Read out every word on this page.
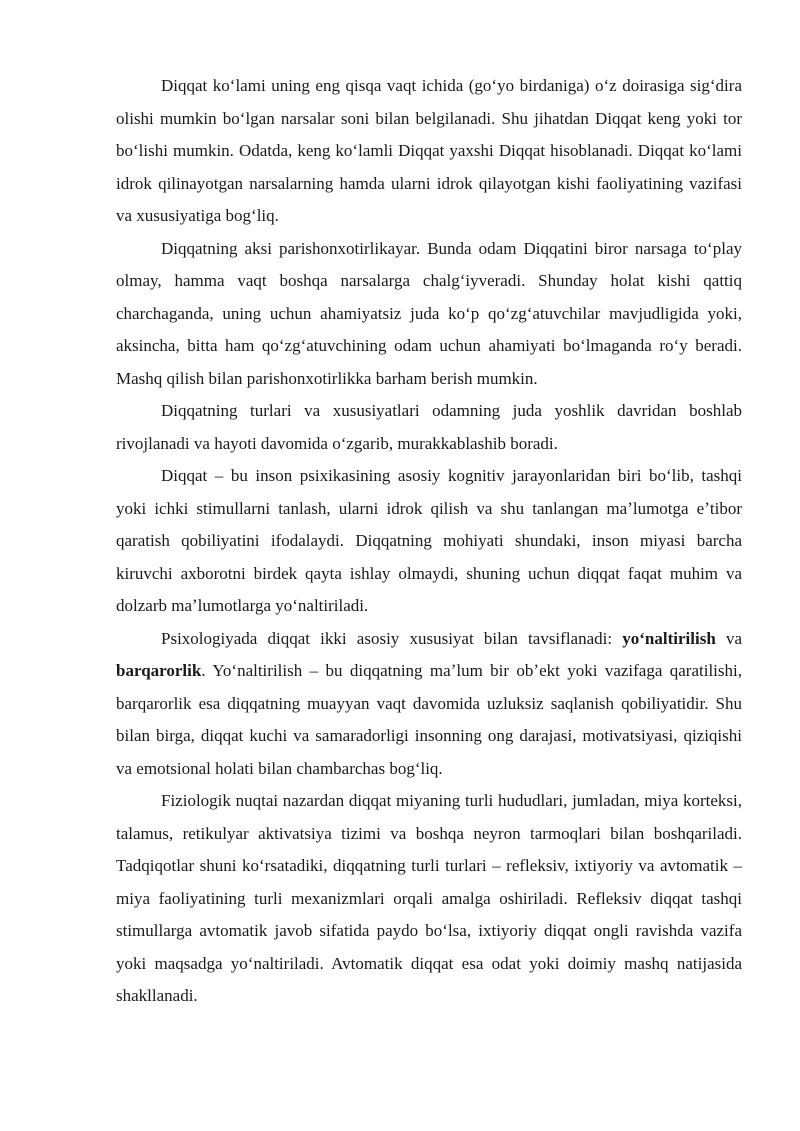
Diqqat koʻlami uning eng qisqa vaqt ichida (goʻyo birdaniga) oʻz doirasiga sigʻdira olishi mumkin boʻlgan narsalar soni bilan belgilanadi. Shu jihatdan Diqqat keng yoki tor boʻlishi mumkin. Odatda, keng koʻlamli Diqqat yaxshi Diqqat hisoblanadi. Diqqat koʻlami idrok qilinayotgan narsalarning hamda ularni idrok qilayotgan kishi faoliyatining vazifasi va xususiyatiga bogʻliq.

Diqqatning aksi parishonxotirlikayar. Bunda odam Diqqatini biror narsaga toʻplay olmay, hamma vaqt boshqa narsalarga chalgʻiyveradi. Shunday holat kishi qattiq charchaganda, uning uchun ahamiyatsiz juda koʻp qoʻzgʻatuvchilar mavjudligida yoki, aksincha, bitta ham qoʻzgʻatuvchining odam uchun ahamiyati boʻlmaganda roʻy beradi. Mashq qilish bilan parishonxotirlikka barham berish mumkin.

Diqqatning turlari va xususiyatlari odamning juda yoshlik davridan boshlab rivojlanadi va hayoti davomida oʻzgarib, murakkablashib boradi.

Diqqat – bu inson psixikasining asosiy kognitiv jarayonlaridan biri boʻlib, tashqi yoki ichki stimullarni tanlash, ularni idrok qilish va shu tanlangan maʼlumotga eʼtibor qaratish qobiliyatini ifodalaydi. Diqqatning mohiyati shundaki, inson miyasi barcha kiruvchi axborotni birdek qayta ishlay olmaydi, shuning uchun diqqat faqat muhim va dolzarb maʼlumotlarga yoʻnaltiriladi.

Psixologiyada diqqat ikki asosiy xususiyat bilan tavsiflanadi: yoʻnaltirilish va barqarorlik. Yoʻnaltirilish – bu diqqatning maʼlum bir obʼekt yoki vazifaga qaratilishi, barqarorlik esa diqqatning muayyan vaqt davomida uzluksiz saqlanish qobiliyatidir. Shu bilan birga, diqqat kuchi va samaradorligi insonning ong darajasi, motivatsiyasi, qiziqishi va emotsional holati bilan chambarchas bogʻliq.

Fiziologik nuqtai nazardan diqqat miyaning turli hududlari, jumladan, miya korteksi, talamus, retikulyar aktivatsiya tizimi va boshqa neyron tarmoqlari bilan boshqariladi. Tadqiqotlar shuni koʻrsatadiki, diqqatning turli turlari – refleksiv, ixtiyoriy va avtomatik – miya faoliyatining turli mexanizmlari orqali amalga oshiriladi. Refleksiv diqqat tashqi stimullarga avtomatik javob sifatida paydo boʻlsa, ixtiyoriy diqqat ongli ravishda vazifa yoki maqsadga yoʻnaltiriladi. Avtomatik diqqat esa odat yoki doimiy mashq natijasida shakllanadi.
